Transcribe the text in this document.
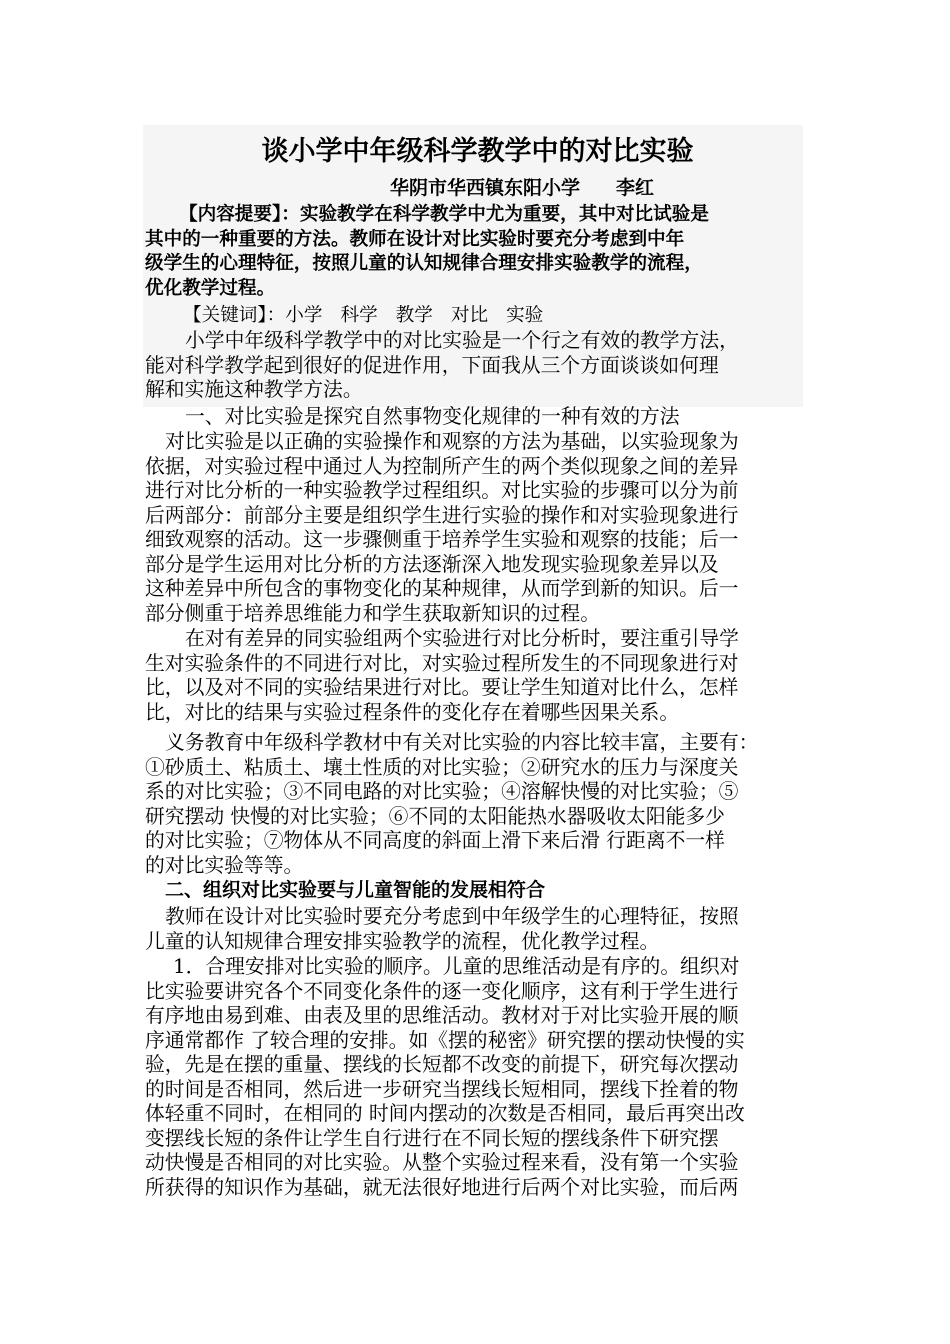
谈小学中年级科学教学中的对比实验
华阴市华西镇东阳小学 李红
【内容提要】：实验教学在科学教学中尤为重要，其中对比试验是
其中的一种重要的方法。教师在设计对比实验时要充分考虑到中年
级学生的心理特征，按照儿童的认知规律合理安排实验教学的流程，
优化教学过程。
【关键词】：小学 科学 教学 对比 实验
小学中年级科学教学中的对比实验是一个行之有效的教学方法，
能对科学教学起到很好的促进作用，下面我从三个方面谈谈如何理
解和实施这种教学方法。
一、对比实验是探究自然事物变化规律的一种有效的方法
对比实验是以正确的实验操作和观察的方法为基础，以实验现象为
依据，对实验过程中通过人为控制所产生的两个类似现象之间的差异
进行对比分析的一种实验教学过程组织。对比实验的步骤可以分为前
后两部分：前部分主要是组织学生进行实验的操作和对实验现象进行
细致观察的活动。这一步骤侧重于培养学生实验和观察的技能；后一
部分是学生运用对比分析的方法逐渐深入地发现实验现象差异以及
这种差异中所包含的事物变化的某种规律，从而学到新的知识。后一
部分侧重于培养思维能力和学生获取新知识的过程。
在对有差异的同实验组两个实验进行对比分析时，要注重引导学
生对实验条件的不同进行对比，对实验过程所发生的不同现象进行对
比，以及对不同的实验结果进行对比。要让学生知道对比什么，怎样
比，对比的结果与实验过程条件的变化存在着哪些因果关系。
义务教育中年级科学教材中有关对比实验的内容比较丰富，主要有：
①砂质土、粘质土、壤土性质的对比实验；②研究水的压力与深度关
系的对比实验；③不同电路的对比实验；④溶解快慢的对比实验；⑤
研究摆动 快慢的对比实验；⑥不同的太阳能热水器吸收太阳能多少
的对比实验；⑦物体从不同高度的斜面上滑下来后滑 行距离不一样
的对比实验等等。
二、组织对比实验要与儿童智能的发展相符合
教师在设计对比实验时要充分考虑到中年级学生的心理特征，按照
儿童的认知规律合理安排实验教学的流程，优化教学过程。
1．合理安排对比实验的顺序。儿童的思维活动是有序的。组织对
比实验要讲究各个不同变化条件的逐一变化顺序，这有利于学生进行
有序地由易到难、由表及里的思维活动。教材对于对比实验开展的顺
序通常都作 了较合理的安排。如《摆的秘密》研究摆的摆动快慢的实
验，先是在摆的重量、摆线的长短都不改变的前提下，研究每次摆动
的时间是否相同，然后进一步研究当摆线长短相同，摆线下拴着的物
体轻重不同时，在相同的 时间内摆动的次数是否相同，最后再突出改
变摆线长短的条件让学生自行进行在不同长短的摆线条件下研究摆
动快慢是否相同的对比实验。从整个实验过程来看，没有第一个实验
所获得的知识作为基础，就无法很好地进行后两个对比实验，而后两
